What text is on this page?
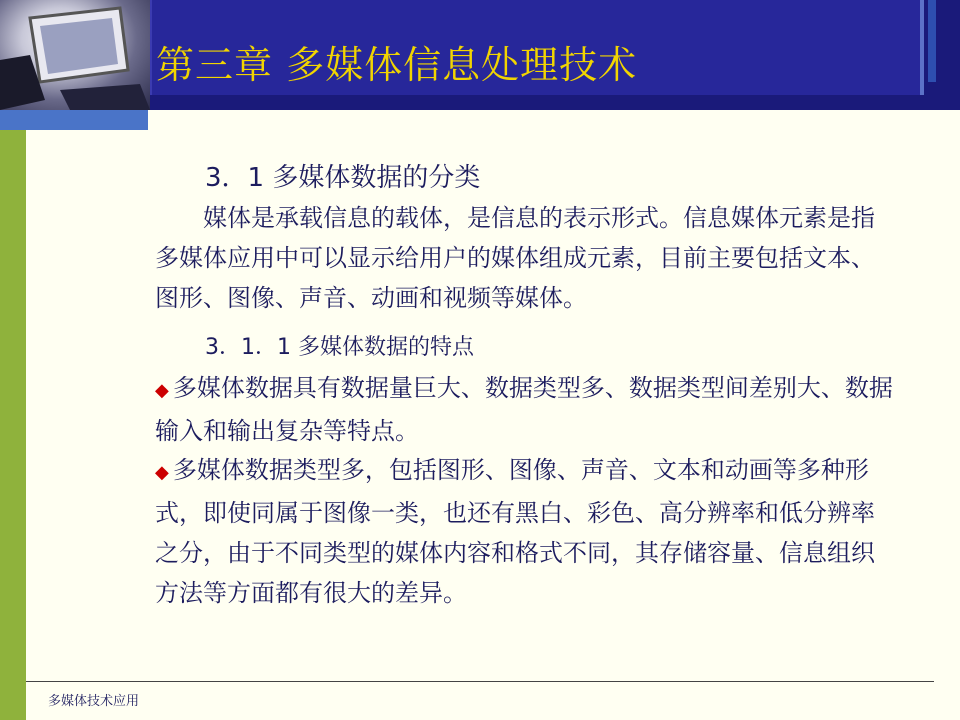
第三章 多媒体信息处理技术
3．1 多媒体数据的分类
媒体是承载信息的载体，是信息的表示形式。信息媒体元素是指多媒体应用中可以显示给用户的媒体组成元素，目前主要包括文本、图形、图像、声音、动画和视频等媒体。
3．1．1 多媒体数据的特点
◆ 多媒体数据具有数据量巨大、数据类型多、数据类型间差别大、数据输入和输出复杂等特点。
◆ 多媒体数据类型多，包括图形、图像、声音、文本和动画等多种形式，即使同属于图像一类，也还有黑白、彩色、高分辨率和低分辨率之分，由于不同类型的媒体内容和格式不同，其存储容量、信息组织方法等方面都有很大的差异。
多媒体技术应用
